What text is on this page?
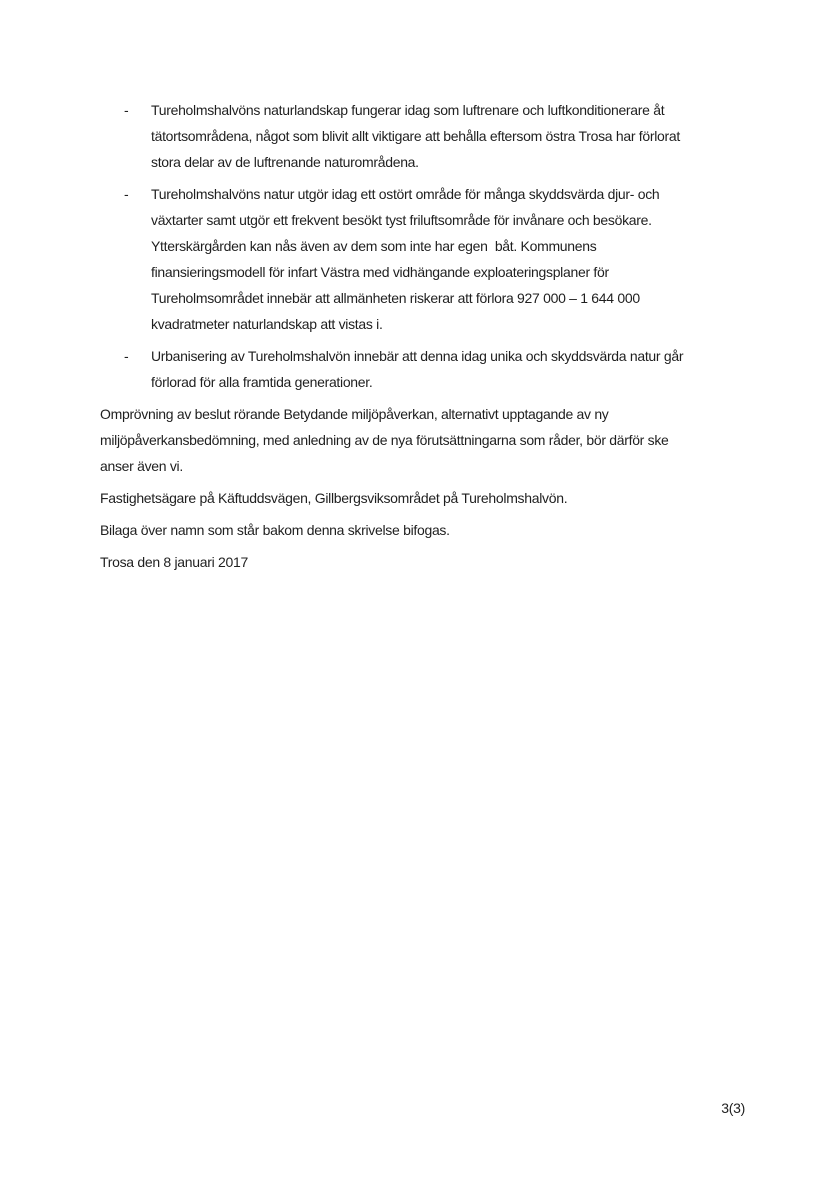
-	Tureholmshalvöns naturlandskap fungerar idag som luftrenare och luftkonditionerare åt
tätortsområdena, något som blivit allt viktigare att behålla eftersom östra Trosa har förlorat
stora delar av de luftrenande naturområdena.
-	Tureholmshalvöns natur utgör idag ett ostört område för många skyddsvärda djur- och
växtarter samt utgör ett frekvent besökt tyst friluftsområde för invånare och besökare.
Ytterskärgården kan nås även av dem som inte har egen  båt. Kommunens
finansieringsmodell för infart Västra med vidhängande exploateringsplaner för
Tureholmsområdet innebär att allmänheten riskerar att förlora 927 000 – 1 644 000
kvadratmeter naturlandskap att vistas i.
-	Urbanisering av Tureholmshalvön innebär att denna idag unika och skyddsvärda natur går
förlorad för alla framtida generationer.
Omprövning av beslut rörande Betydande miljöpåverkan, alternativt upptagande av ny
miljöpåverkansbedömning, med anledning av de nya förutsättningarna som råder, bör därför ske
anser även vi.
Fastighetsägare på Käftuddsvägen, Gillbergsviksområdet på Tureholmshalvön.
Bilaga över namn som står bakom denna skrivelse bifogas.
Trosa den 8 januari 2017
3(3)
